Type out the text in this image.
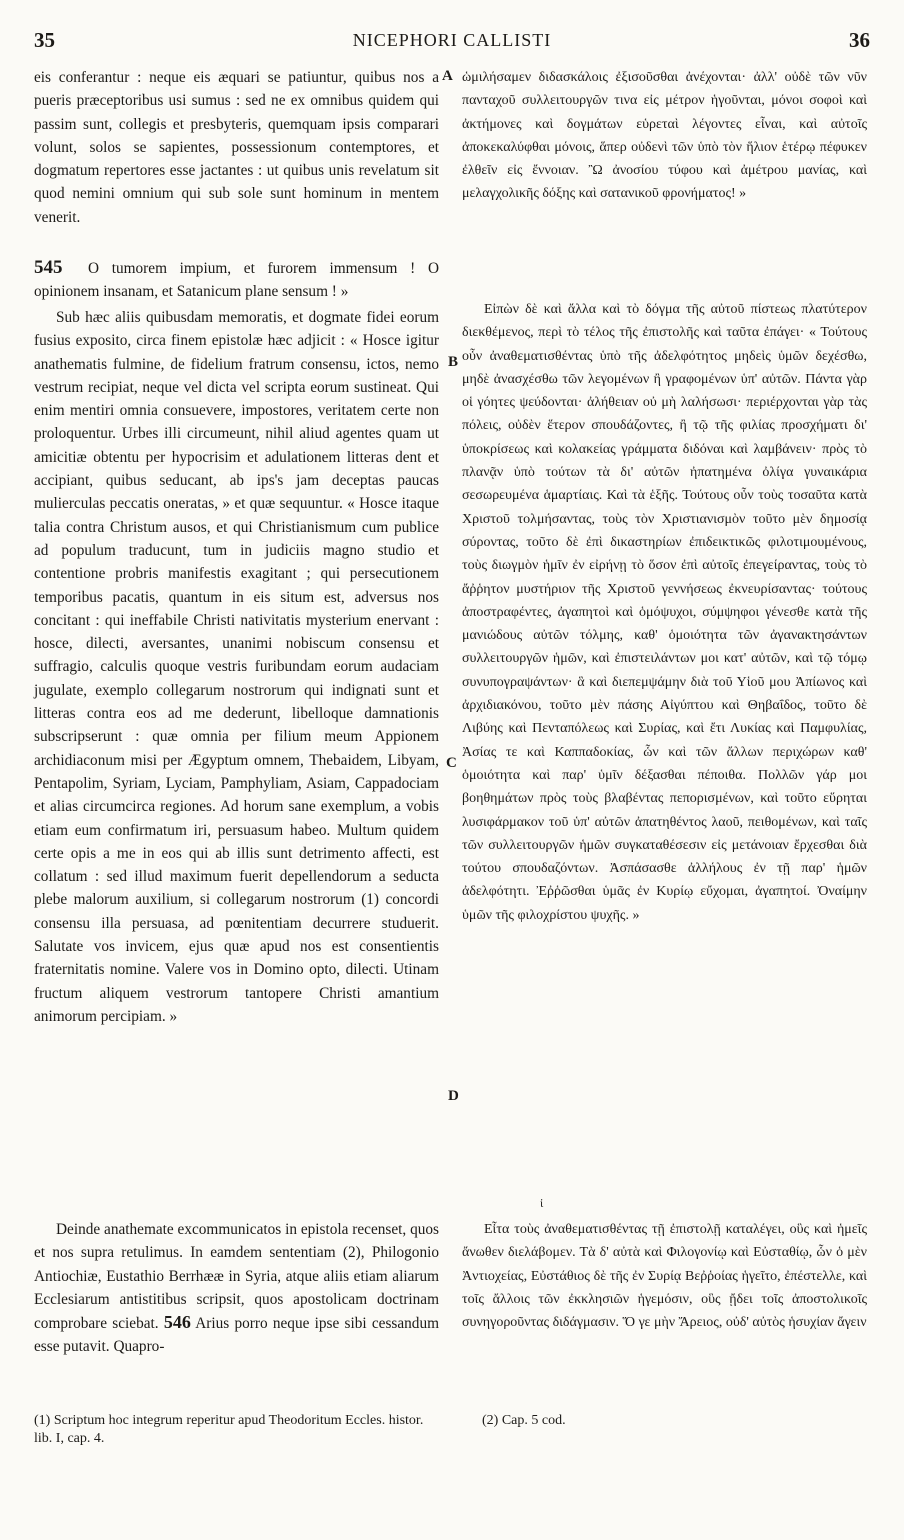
35	NICEPHORI CALLISTI	36
A
B
C
D

eis conferantur : neque eis æquari se patiuntur, quibus nos a pueris præceptoribus usi sumus : sed ne ex omnibus quidem qui passim sunt, collegis et presbyteris, quemquam ipsis comparari volunt, solos se sapientes, possessionum contemptores, et dogmatum repertores esse jactantes : ut quibus unis revelatum sit quod nemini omnium qui sub sole sunt hominum in mentem venerit.

545	O tumorem impium, et furorem immensum ! O opinionem insanam, et Satanicum plane sensum ! »

Sub hæc aliis quibusdam memoratis, et dogmate fidei eorum fusius exposito, circa finem epistolæ hæc adjicit : « Hosce igitur anathematis fulmine, de fidelium fratrum consensu, ictos, nemo vestrum recipiat, neque vel dicta vel scripta eorum sustineat. Qui enim mentiri omnia consuevere, impostores, veritatem certe non proloquentur. Urbes illi circumeunt, nihil aliud agentes quam ut amicitiæ obtentu per hypocrisim et adulationem litteras dent et accipiant, quibus seducant, ab ips's jam deceptas paucas mulierculas peccatis oneratas, » et quæ sequuntur. « Hosce itaque talia contra Christum ausos, et qui Christianismum cum publice ad populum traducunt, tum in judiciis magno studio et contentione probris manifestis exagitant ; qui persecutionem temporibus pacatis, quantum in eis situm est, adversus nos concitant : qui ineffabile Christi nativitatis mysterium enervant : hosce, dilecti, aversantes, unanimi nobiscum consensu et suffragio, calculis quoque vestris furibundam eorum audaciam jugulate, exemplo collegarum nostrorum qui indignati sunt et litteras contra eos ad me dederunt, libelloque damnationis subscripserunt : quæ omnia per filium meum Appionem archidiaconum misi per Ægyptum omnem, Thebaidem, Libyam, Pentapolim, Syriam, Lyciam, Pamphyliam, Asiam, Cappadociam et alias circumcirca regiones. Ad horum sane exemplum, a vobis etiam eum confirmatum iri, persuasum habeo. Multum quidem certe opis a me in eos qui ab illis sunt detrimento affecti, est collatum : sed illud maximum fuerit depellendorum a seducta plebe malorum auxilium, si collegarum nostrorum (1) concordi consensu illa persuasa, ad pœnitentiam decurrere studuerit. Salutate vos invicem, ejus quæ apud nos est consentientis fraternitatis nomine. Valere vos in Domino opto, dilecti. Utinam fructum aliquem vestrorum tantopere Christi amantium animorum percipiam. »

Deinde anathemate excommunicatos in epistola recenset, quos et nos supra retulimus. In eamdem sententiam (2), Philogonio Antiochiæ, Eustathio Berrhææ in Syria, atque aliis etiam aliarum Ecclesiarum antistitibus scripsit, quos apostolicam doctrinam comprobare sciebat. 546 Arius porro neque ipse sibi cessandum esse putavit. Quapro-

ὡμιλήσαμεν διδασκάλοις ἐξισοῦσθαι ἀνέχονται· ἀλλ' οὐδὲ τῶν νῦν πανταχοῦ συλλειτουργῶν τινα εἰς μέτρον ἡγοῦνται, μόνοι σοφοὶ καὶ ἀκτήμονες καὶ δογμάτων εὑρεταὶ λέγοντες εἶναι, καὶ αὐτοῖς ἀποκεκαλύφθαι μόνοις, ἅπερ οὐδενὶ τῶν ὑπὸ τὸν ἥλιον ἑτέρῳ πέφυκεν ἐλθεῖν εἰς ἔννοιαν. Ὢ ἀνοσίου τύφου καὶ ἀμέτρου μανίας, καὶ μελαγχολικῆς δόξης καὶ σατανικοῦ φρονήματος! »

Εἰπὼν δὲ καὶ ἄλλα καὶ τὸ δόγμα τῆς αὐτοῦ πίστεως πλατύτερον διεκθέμενος, περὶ τὸ τέλος τῆς ἐπιστολῆς καὶ ταῦτα ἐπάγει· « Τούτους οὖν ἀναθεματισθέντας ὑπὸ τῆς ἀδελφότητος μηδεὶς ὑμῶν δεχέσθω, μηδὲ ἀνασχέσθω τῶν λεγομένων ἢ γραφομένων ὑπ' αὐτῶν. Πάντα γὰρ οἱ γόητες ψεύδονται· ἀλήθειαν οὐ μὴ λαλήσωσι· περιέρχονται γὰρ τὰς πόλεις, οὐδὲν ἕτερον σπουδάζοντες, ἢ τῷ τῆς φιλίας προσχήματι δι' ὑποκρίσεως καὶ κολακείας γράμματα διδόναι καὶ λαμβάνειν· πρὸς τὸ πλανᾷν ὑπὸ τούτων τὰ δι' αὐτῶν ἠπατημένα ὀλίγα γυναικάρια σεσωρευμένα ἁμαρτίαις. Καὶ τὰ ἑξῆς. Τούτους οὖν τοὺς τοσαῦτα κατὰ Χριστοῦ τολμήσαντας, τοὺς τὸν Χριστιανισμὸν τοῦτο μὲν δημοσίᾳ σύροντας, τοῦτο δὲ ἐπὶ δικαστηρίων ἐπιδεικτικῶς φιλοτιμουμένους, τοὺς διωγμὸν ἡμῖν ἐν εἰρήνῃ τὸ ὅσον ἐπὶ αὐτοῖς ἐπεγείραντας, τοὺς τὸ ἄῤῥητον μυστήριον τῆς Χριστοῦ γεννήσεως ἐκνευρίσαντας· τούτους ἀποστραφέντες, ἀγαπητοὶ καὶ ὁμόψυχοι, σύμψηφοι γένεσθε κατὰ τῆς μανιώδους αὐτῶν τόλμης, καθ' ὁμοιότητα τῶν ἀγανακτησάντων συλλειτουργῶν ἡμῶν, καὶ ἐπιστειλάντων μοι κατ' αὐτῶν, καὶ τῷ τόμῳ συνυπογραψάντων· ἃ καὶ διεπεμψάμην διὰ τοῦ Υἱοῦ μου Ἀπίωνος καὶ ἀρχιδιακόνου, τοῦτο μὲν πάσης Αἰγύπτου καὶ Θηβαΐδος, τοῦτο δὲ Λιβύης καὶ Πενταπόλεως καὶ Συρίας, καὶ ἔτι Λυκίας καὶ Παμφυλίας, Ἀσίας τε καὶ Καππαδοκίας, ὧν καὶ τῶν ἄλλων περιχώρων καθ' ὁμοιότητα καὶ παρ' ὑμῖν δέξασθαι πέποιθα. Πολλῶν γάρ μοι βοηθημάτων πρὸς τοὺς βλαβέντας πεπορισμένων, καὶ τοῦτο εὕρηται λυσιφάρμακον τοῦ ὑπ' αὐτῶν ἀπατηθέντος λαοῦ, πειθομένων, καὶ ταῖς τῶν συλλειτουργῶν ἡμῶν συγκαταθέσεσιν εἰς μετάνοιαν ἔρχεσθαι διὰ τούτου σπουδαζόντων. Ἀσπάσασθε ἀλλήλους ἐν τῇ παρ' ἡμῶν ἀδελφότητι. Ἐῤῥῶσθαι ὑμᾶς ἐν Κυρίῳ εὔχομαι, ἀγαπητοί. Ὀναίμην ὑμῶν τῆς φιλοχρίστου ψυχῆς. »

ἰ

Εἶτα τοὺς ἀναθεματισθέντας τῇ ἐπιστολῇ καταλέγει, οὓς καὶ ἡμεῖς ἄνωθεν διελάβομεν. Τὰ δ' αὐτὰ καὶ Φιλογονίῳ καὶ Εὐσταθίῳ, ὧν ὁ μὲν Ἀντιοχείας, Εὐστάθιος δὲ τῆς ἐν Συρίᾳ Βεῤῥοίας ἡγεῖτο, ἐπέστελλε, καὶ τοῖς ἄλλοις τῶν ἐκκλησιῶν ἡγεμόσιν, οὓς ᾔδει τοῖς ἀποστολικοῖς συνηγοροῦντας διδάγμασιν. Ὅ γε μὴν Ἄρειος, οὐδ' αὐτὸς ἡσυχίαν ἄγειν

(1) Scriptum hoc integrum reperitur apud Theodoritum Eccles. histor. lib. I, cap. 4.
(2) Cap. 5 cod.
